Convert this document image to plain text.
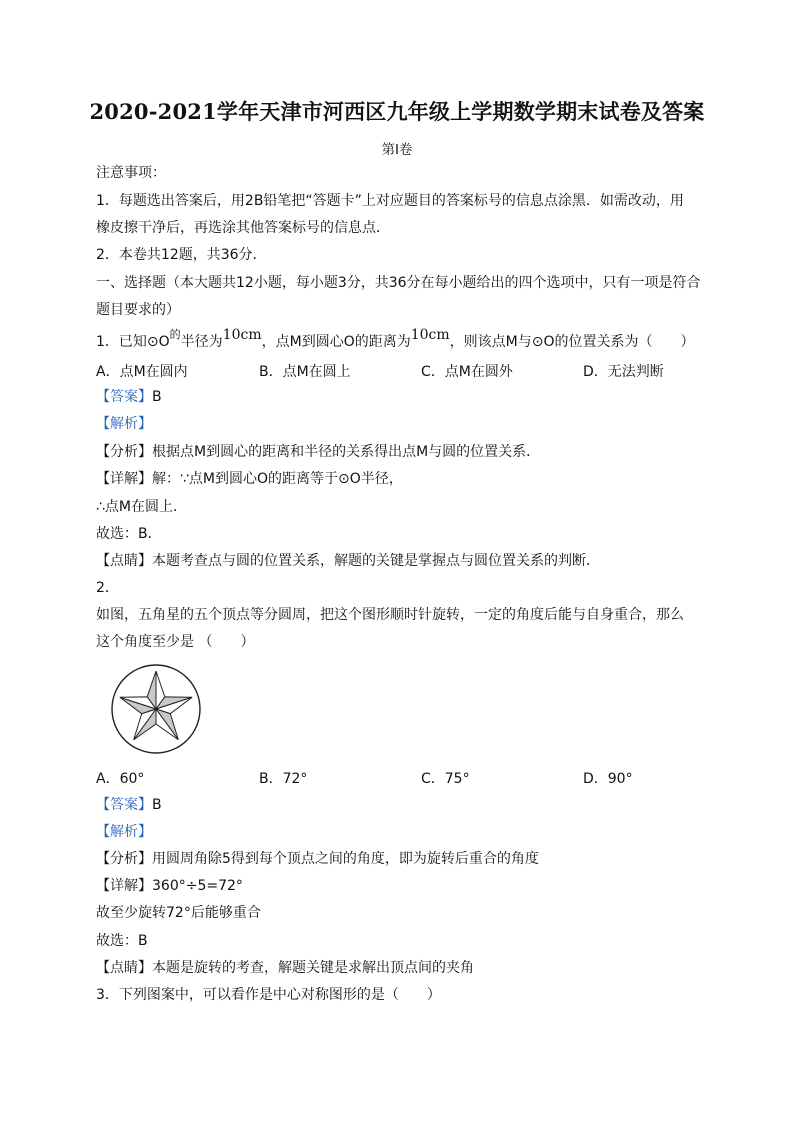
2020-2021学年天津市河西区九年级上学期数学期末试卷及答案
第I卷
注意事项：
1．每题选出答案后，用2B铅笔把“答题卡”上对应题目的答案标号的信息点涂黑．如需改动，用
橡皮擦干净后，再选涂其他答案标号的信息点．
2．本卷共12题，共36分．
一、选择题（本大题共12小题，每小题3分，共36分在每小题给出的四个选项中，只有一项是符合
题目要求的）
1．已知$⊙O^的$半径为10cm，点M到圆心O的距离为10cm，则该点M与⊙O的位置关系为（　　）
A．点M在圆内	B．点M在圆上	C．点M在圆外	D．无法判断
【答案】B
【解析】
【分析】根据点M到圆心的距离和半径的关系得出点M与圆的位置关系．
【详解】解：∵点M到圆心O的距离等于⊙O半径，
∴点M在圆上．
故选：B．
【点睛】本题考查点与圆的位置关系，解题的关键是掌握点与圆位置关系的判断．
2．
如图，五角星的五个顶点等分圆周，把这个图形顺时针旋转，一定的角度后能与自身重合，那么
这个角度至少是 （　　）
A．60°	B．72°	C．75°	D．90°
【答案】B
【解析】
【分析】用圆周角除5得到每个顶点之间的角度，即为旋转后重合的角度
【详解】360°÷5=72°
故至少旋转72°后能够重合
故选：B
【点睛】本题是旋转的考查，解题关键是求解出顶点间的夹角
3．下列图案中，可以看作是中心对称图形的是（　　）
